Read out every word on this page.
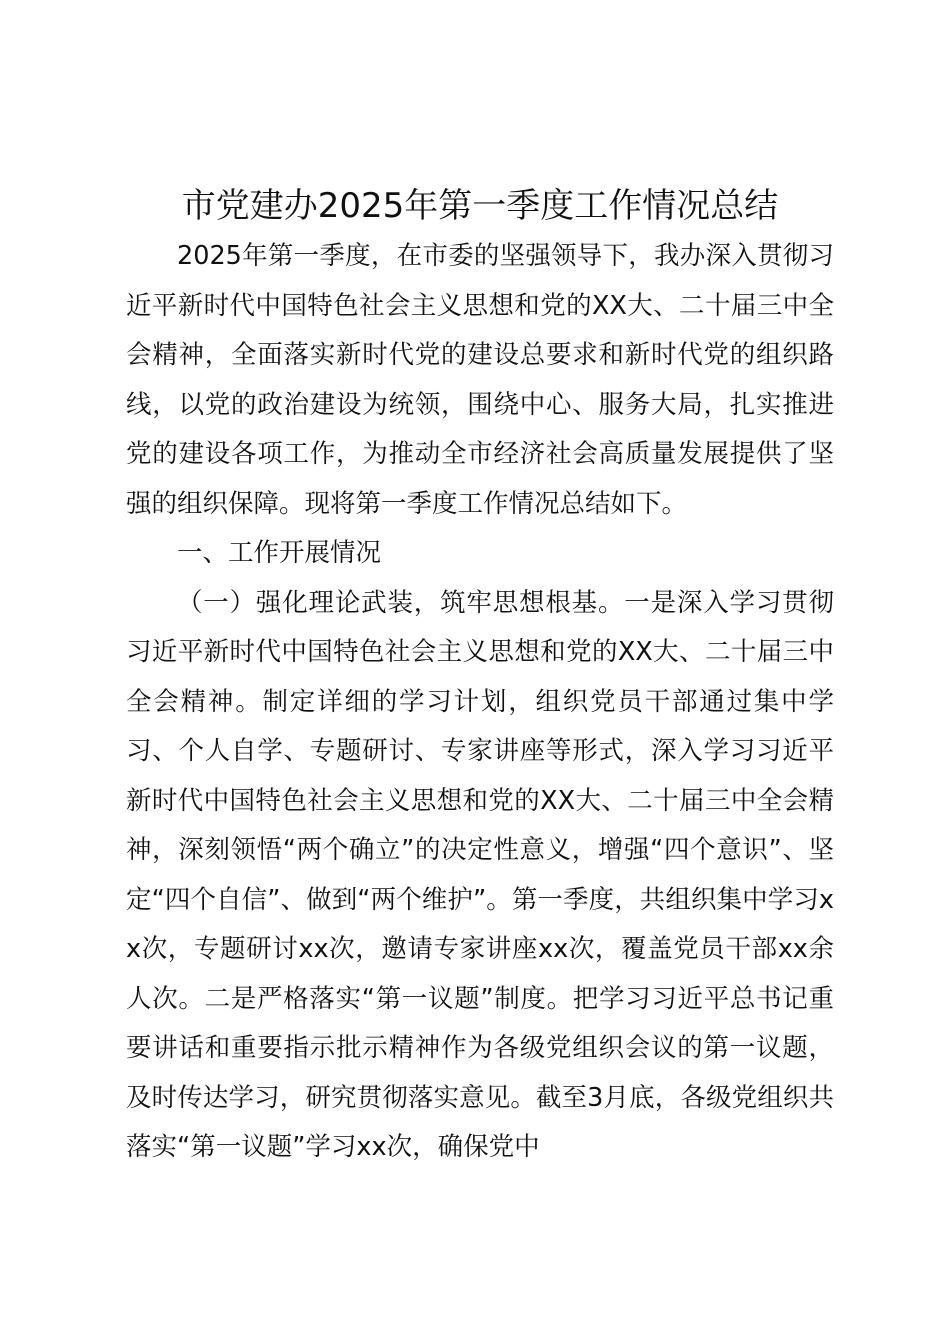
市党建办2025年第一季度工作情况总结

2025年第一季度，在市委的坚强领导下，我办深入贯彻习近平新时代中国特色社会主义思想和党的XX大、二十届三中全会精神，全面落实新时代党的建设总要求和新时代党的组织路线，以党的政治建设为统领，围绕中心、服务大局，扎实推进党的建设各项工作，为推动全市经济社会高质量发展提供了坚强的组织保障。现将第一季度工作情况总结如下。

一、工作开展情况

（一）强化理论武装，筑牢思想根基。一是深入学习贯彻习近平新时代中国特色社会主义思想和党的XX大、二十届三中全会精神。制定详细的学习计划，组织党员干部通过集中学习、个人自学、专题研讨、专家讲座等形式，深入学习习近平新时代中国特色社会主义思想和党的XX大、二十届三中全会精神，深刻领悟“两个确立”的决定性意义，增强“四个意识”、坚定“四个自信”、做到“两个维护”。第一季度，共组织集中学习xx次，专题研讨xx次，邀请专家讲座xx次，覆盖党员干部xx余人次。二是严格落实“第一议题”制度。把学习习近平总书记重要讲话和重要指示批示精神作为各级党组织会议的第一议题，及时传达学习，研究贯彻落实意见。截至3月底，各级党组织共落实“第一议题”学习xx次，确保党中
